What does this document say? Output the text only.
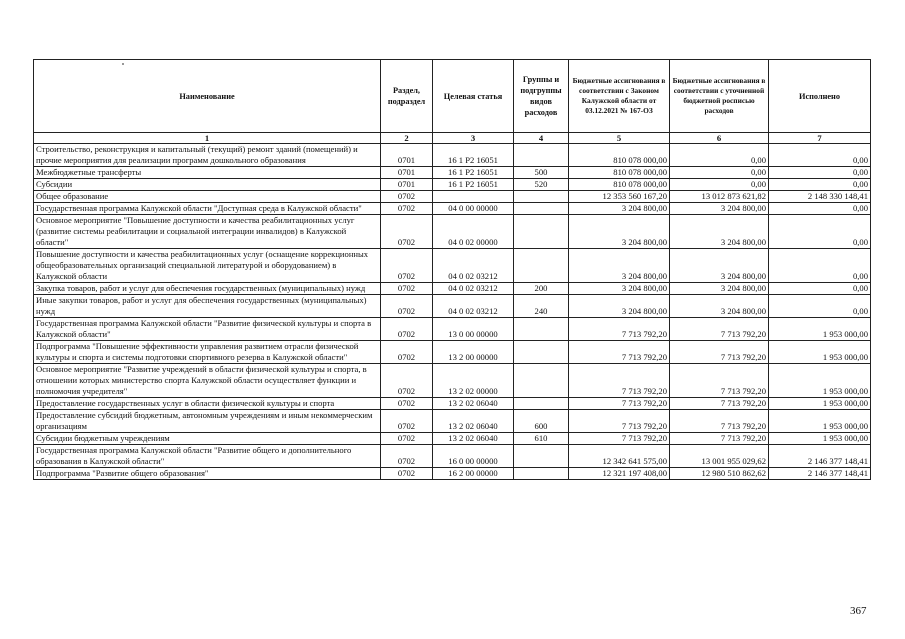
Наименование	Раздел, подраздел	Целевая статья	Группы и подгруппы видов расходов	Бюджетные ассигнования в соответствии с Законом Калужской области от 03.12.2021 № 167-ОЗ	Бюджетные ассигнования в соответствии с уточненной бюджетной росписью расходов	Исполнено
1	2	3	4	5	6	7
Строительство, реконструкция и капитальный (текущий) ремонт зданий (помещений) и прочие мероприятия для реализации программ дошкольного образования	0701	16 1 P2 16051		810 078 000,00	0,00	0,00
Межбюджетные трансферты	0701	16 1 P2 16051	500	810 078 000,00	0,00	0,00
Субсидии	0701	16 1 P2 16051	520	810 078 000,00	0,00	0,00
Общее образование	0702			12 353 560 167,20	13 012 873 621,82	2 148 330 148,41
Государственная программа Калужской области "Доступная среда в Калужской области"	0702	04 0 00 00000		3 204 800,00	3 204 800,00	0,00
Основное мероприятие "Повышение доступности и качества реабилитационных услуг (развитие системы реабилитации и социальной интеграции инвалидов) в Калужской области"	0702	04 0 02 00000		3 204 800,00	3 204 800,00	0,00
Повышение доступности и качества реабилитационных услуг (оснащение коррекционных общеобразовательных организаций специальной литературой и оборудованием) в Калужской области	0702	04 0 02 03212		3 204 800,00	3 204 800,00	0,00
Закупка товаров, работ и услуг для обеспечения государственных (муниципальных) нужд	0702	04 0 02 03212	200	3 204 800,00	3 204 800,00	0,00
Иные закупки товаров, работ и услуг для обеспечения государственных (муниципальных) нужд	0702	04 0 02 03212	240	3 204 800,00	3 204 800,00	0,00
Государственная программа Калужской области "Развитие физической культуры и спорта в Калужской области"	0702	13 0 00 00000		7 713 792,20	7 713 792,20	1 953 000,00
Подпрограмма "Повышение эффективности управления развитием отрасли физической культуры и спорта и системы подготовки спортивного резерва в Калужской области"	0702	13 2 00 00000		7 713 792,20	7 713 792,20	1 953 000,00
Основное мероприятие "Развитие учреждений в области физической культуры и спорта, в отношении которых министерство спорта Калужской области осуществляет функции и полномочия учредителя"	0702	13 2 02 00000		7 713 792,20	7 713 792,20	1 953 000,00
Предоставление государственных услуг в области физической культуры и спорта	0702	13 2 02 06040		7 713 792,20	7 713 792,20	1 953 000,00
Предоставление субсидий бюджетным, автономным учреждениям и иным некоммерческим организациям	0702	13 2 02 06040	600	7 713 792,20	7 713 792,20	1 953 000,00
Субсидии бюджетным учреждениям	0702	13 2 02 06040	610	7 713 792,20	7 713 792,20	1 953 000,00
Государственная программа Калужской области "Развитие общего и дополнительного образования в Калужской области"	0702	16 0 00 00000		12 342 641 575,00	13 001 955 029,62	2 146 377 148,41
Подпрограмма "Развитие общего образования"	0702	16 2 00 00000		12 321 197 408,00	12 980 510 862,62	2 146 377 148,41
367
